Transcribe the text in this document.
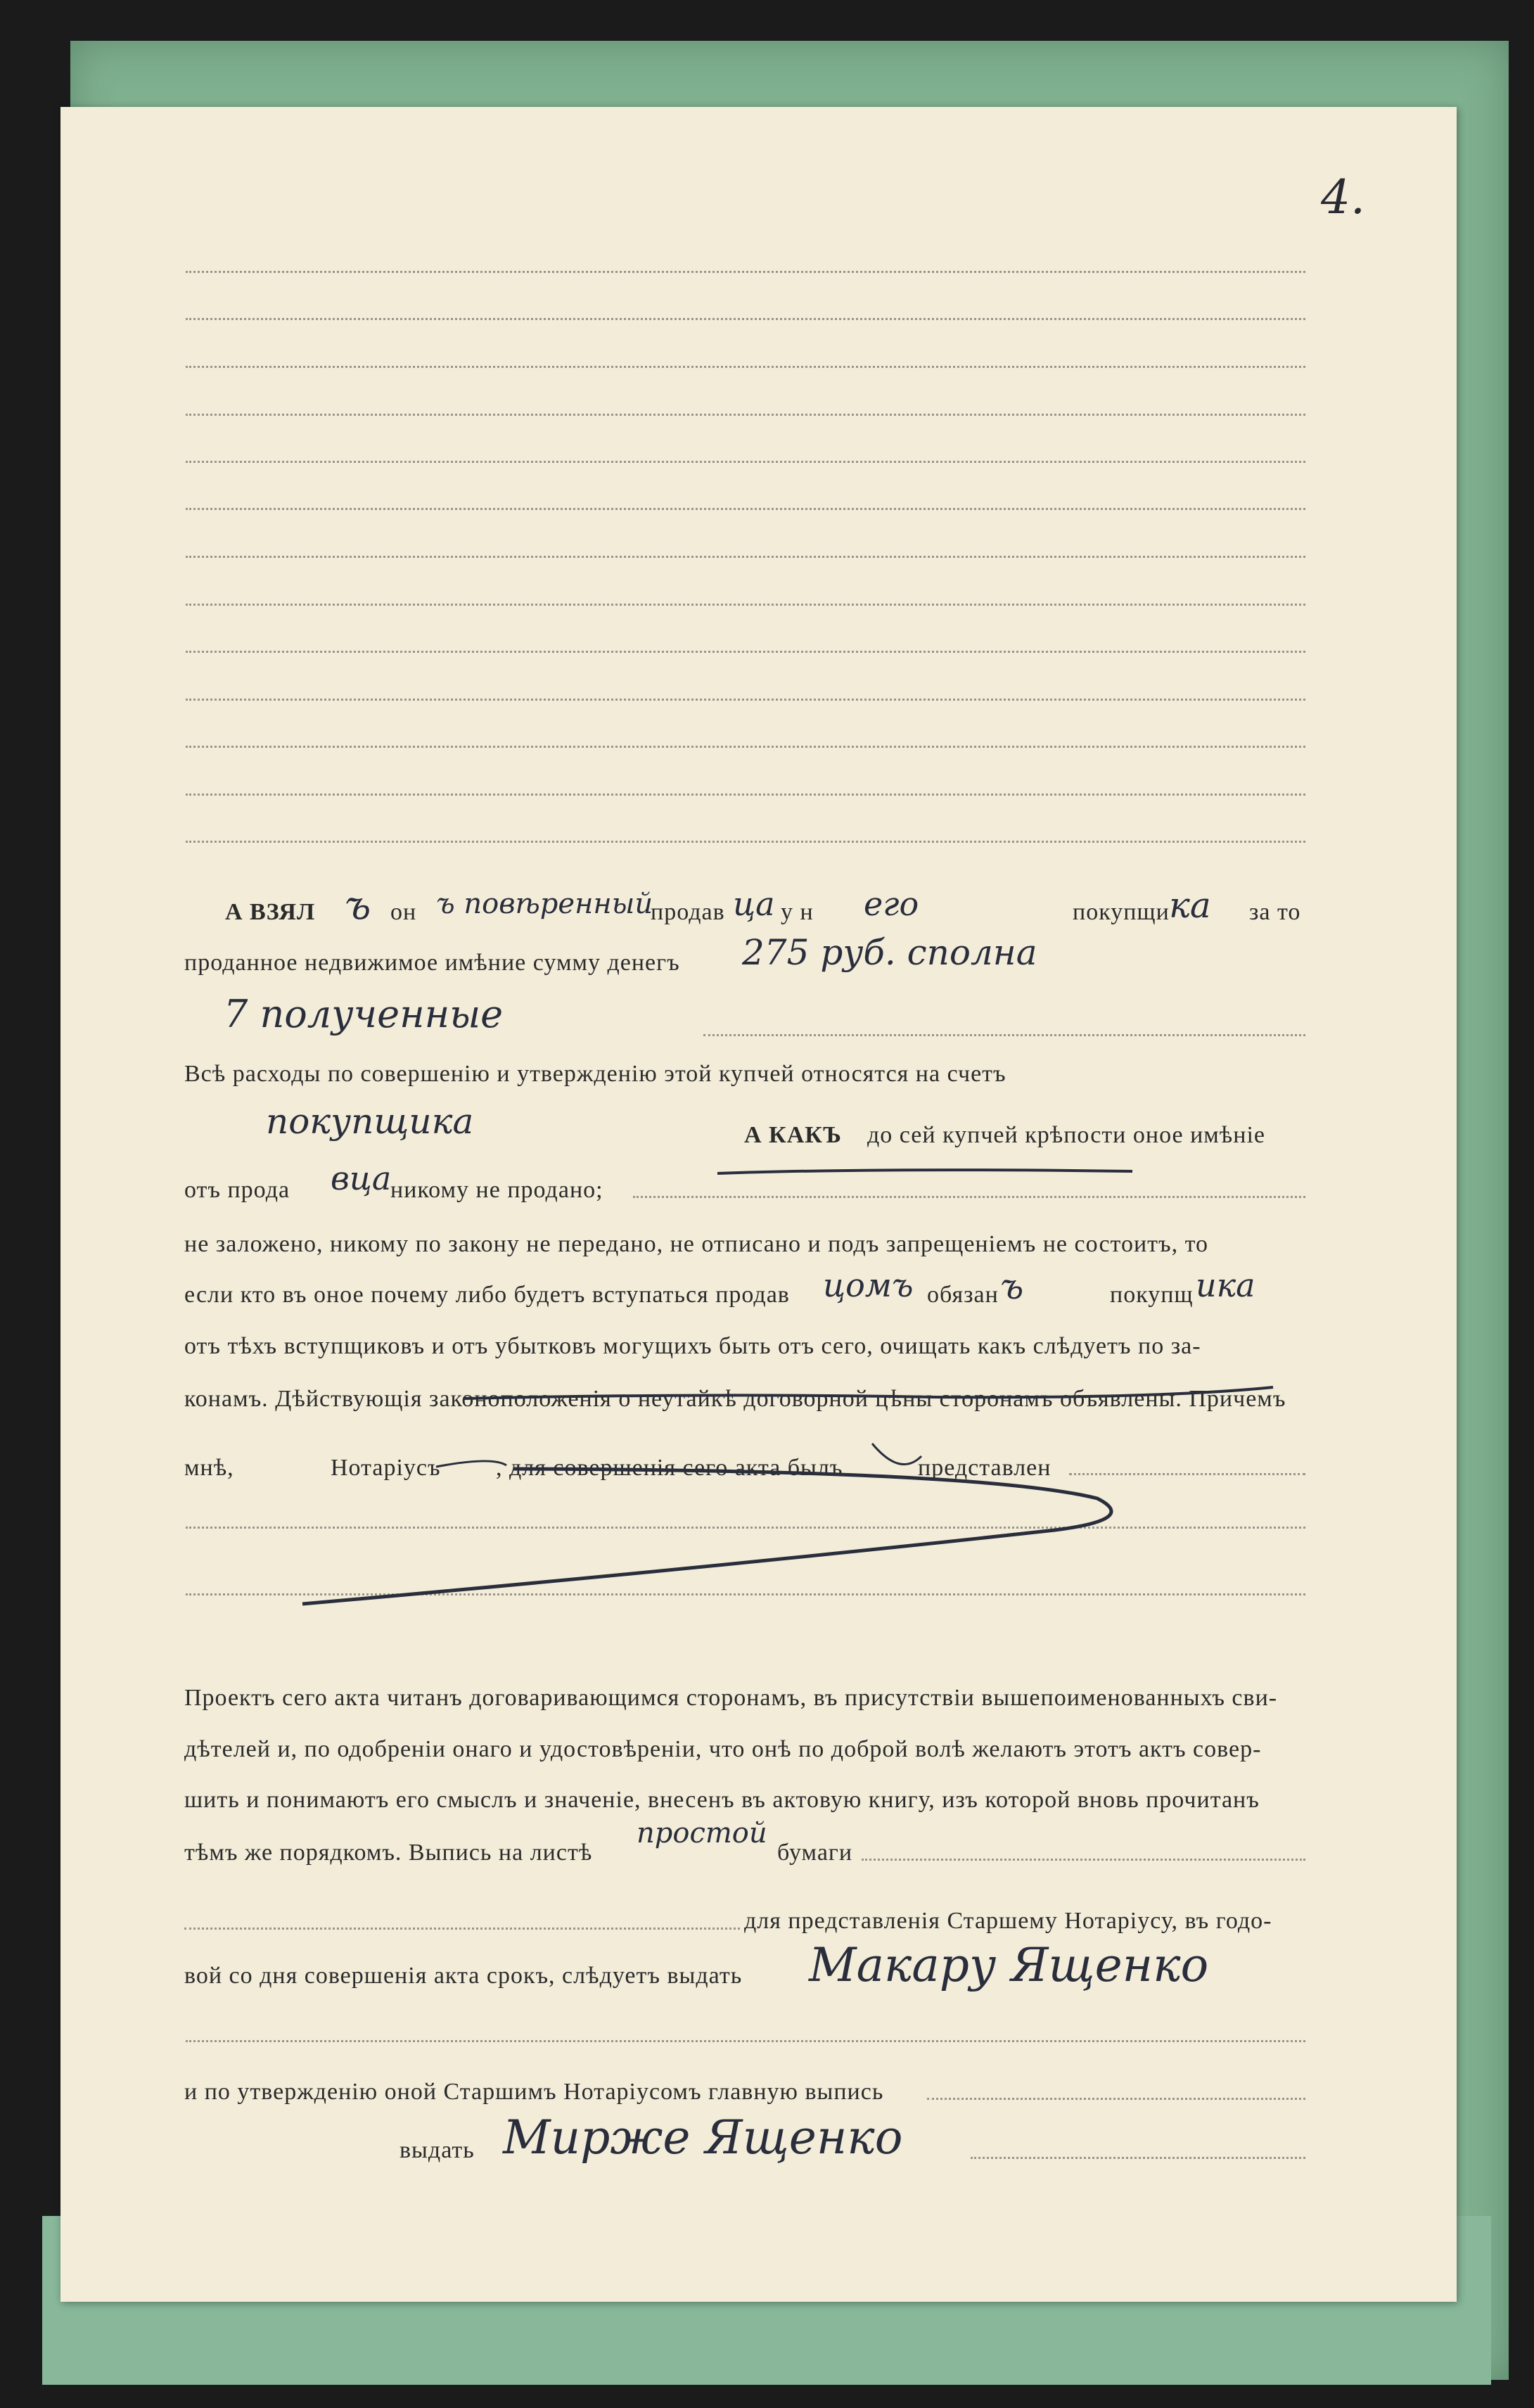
4.
А ВЗЯЛ ъ он ъ повѣренный
продав ца у н его	покупщи ка за то
проданное недвижимое имѣние сумму денегъ 275 руб. сполна
7 полученные
Всѣ расходы по совершенію и утвержденію этой купчей относятся на счетъ
покупщика	А КАКЪ до сей купчей крѣпости оное имѣніе
отъ прода вца
никому не продано;
не заложено, никому по закону не передано, не отписано и подъ запрещеніемъ не состоитъ, то
если кто въ оное почему либо будетъ вступаться продав цомъ обязан ъ	покупщ ика
отъ тѣхъ вступщиковъ и отъ убытковъ могущихъ быть отъ сего, очищать какъ слѣдуетъ по за-
конамъ. Дѣйствующія законоположенія о неутайкѣ договорной цѣны сторонамъ объявлены. Причемъ
мнѣ,	Нотаріусъ , для совершенія сего акта былъ	представлен
Проектъ сего акта читанъ договаривающимся сторонамъ, въ присутствіи вышепоименованныхъ сви-
дѣтелей и, по одобреніи онаго и удостовѣреніи, что онѣ по доброй волѣ желаютъ этотъ актъ совер-
шить и понимаютъ его смыслъ и значеніе, внесенъ въ актовую книгу, изъ которой вновь прочитанъ
тѣмъ же порядкомъ. Выпись на листѣ
простой
бумаги
для представленія Старшему Нотаріусу, въ годо-
вой со дня совершенія акта срокъ, слѣдуетъ выдать Макару Ященко
и по утвержденію оной Старшимъ Нотаріусомъ главную выпись
выдать Мирже Ященко
